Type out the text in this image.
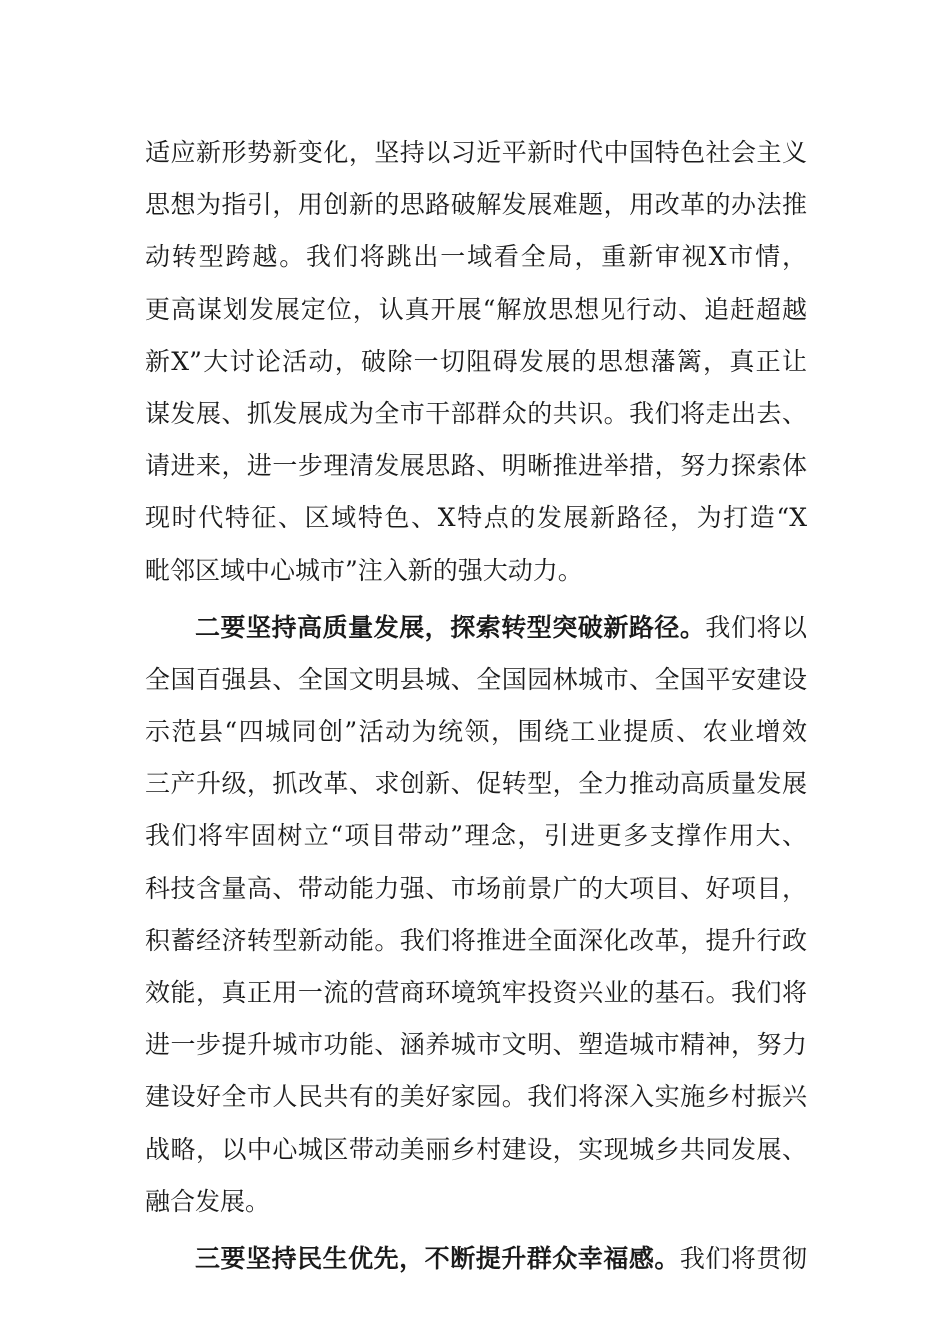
适应新形势新变化，坚持以习近平新时代中国特色社会主义
思想为指引，用创新的思路破解发展难题，用改革的办法推
动转型跨越。我们将跳出一域看全局，重新审视X市情，
更高谋划发展定位，认真开展“解放思想见行动、追赶超越
新X”大讨论活动，破除一切阻碍发展的思想藩篱，真正让
谋发展、抓发展成为全市干部群众的共识。我们将走出去、
请进来，进一步理清发展思路、明晰推进举措，努力探索体
现时代特征、区域特色、X特点的发展新路径，为打造“X
毗邻区域中心城市”注入新的强大动力。
二要坚持高质量发展，探索转型突破新路径。我们将以
全国百强县、全国文明县城、全国园林城市、全国平安建设
示范县“四城同创”活动为统领，围绕工业提质、农业增效
三产升级，抓改革、求创新、促转型，全力推动高质量发展
我们将牢固树立“项目带动”理念，引进更多支撑作用大、
科技含量高、带动能力强、市场前景广的大项目、好项目，
积蓄经济转型新动能。我们将推进全面深化改革，提升行政
效能，真正用一流的营商环境筑牢投资兴业的基石。我们将
进一步提升城市功能、涵养城市文明、塑造城市精神，努力
建设好全市人民共有的美好家园。我们将深入实施乡村振兴
战略，以中心城区带动美丽乡村建设，实现城乡共同发展、
融合发展。
三要坚持民生优先，不断提升群众幸福感。我们将贯彻
